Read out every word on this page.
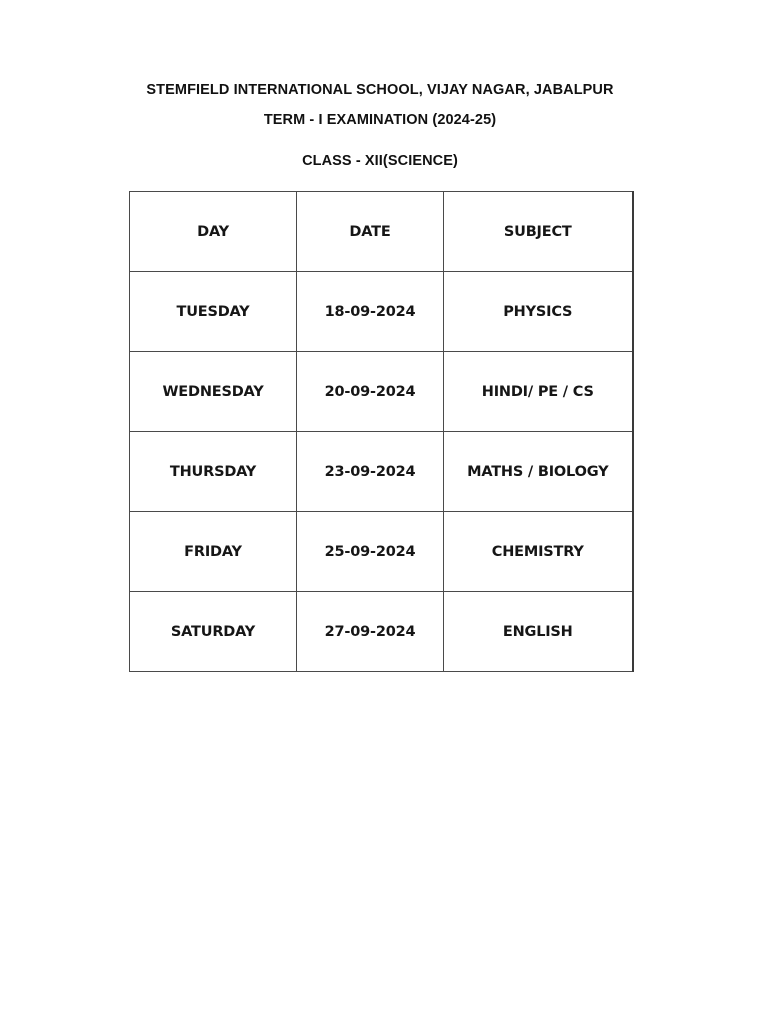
STEMFIELD INTERNATIONAL SCHOOL, VIJAY NAGAR, JABALPUR
TERM - I EXAMINATION (2024-25)
CLASS - XII(SCIENCE)
DAY	DATE	SUBJECT
TUESDAY	18-09-2024	PHYSICS
WEDNESDAY	20-09-2024	HINDI/ PE / CS
THURSDAY	23-09-2024	MATHS / BIOLOGY
FRIDAY	25-09-2024	CHEMISTRY
SATURDAY	27-09-2024	ENGLISH
